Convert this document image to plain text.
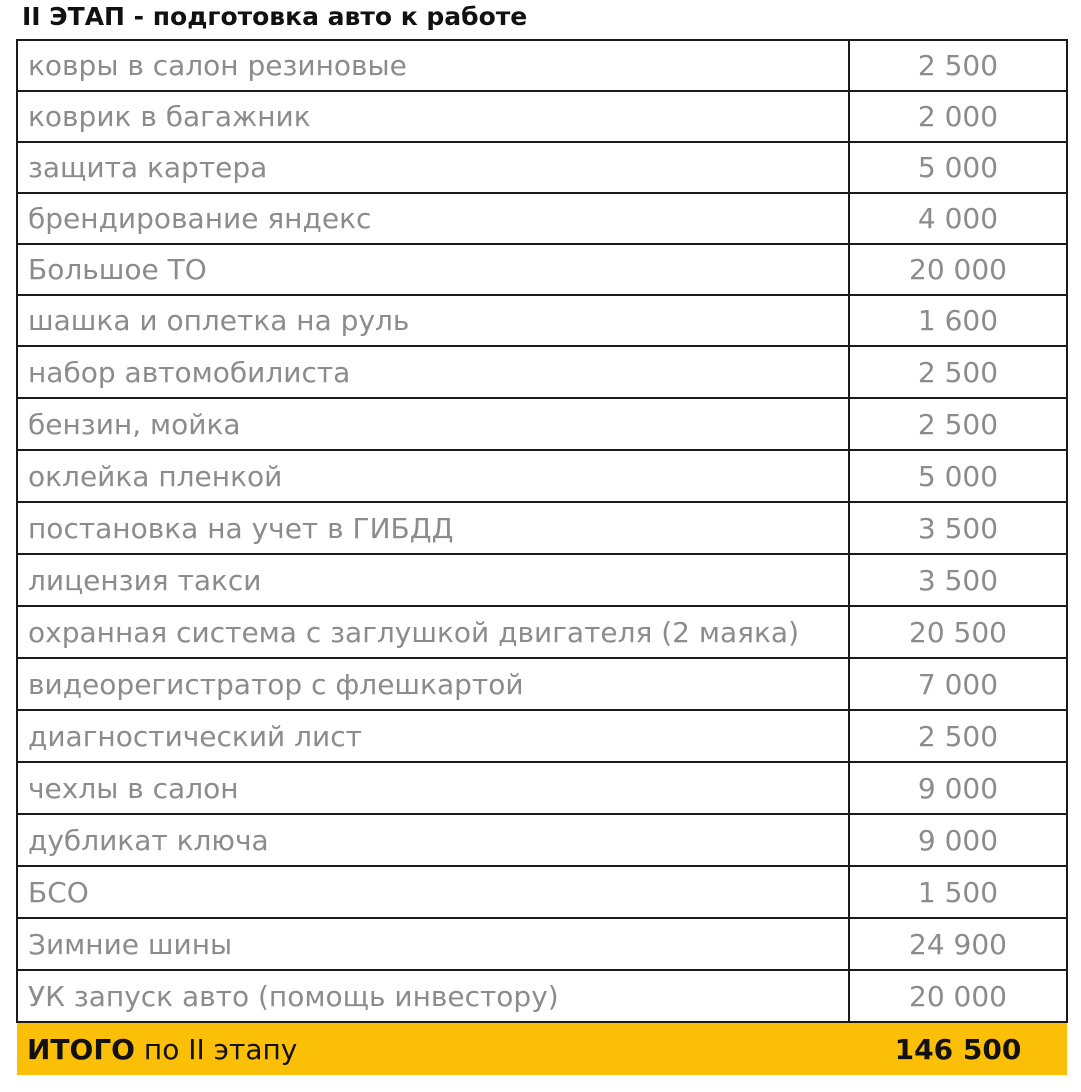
II ЭТАП - подготовка авто к работе
ковры в салон резиновые	2 500
коврик в багажник	2 000
защита картера	5 000
брендирование яндекс	4 000
Большое ТО	20 000
шашка и оплетка на руль	1 600
набор автомобилиста	2 500
бензин, мойка	2 500
оклейка пленкой	5 000
постановка на учет в ГИБДД	3 500
лицензия такси	3 500
охранная система с заглушкой двигателя (2 маяка)	20 500
видеорегистратор с флешкартой	7 000
диагностический лист	2 500
чехлы в салон	9 000
дубликат ключа	9 000
БСО	1 500
Зимние шины	24 900
УК запуск авто (помощь инвестору)	20 000
ИТОГО по II этапу	146 500
